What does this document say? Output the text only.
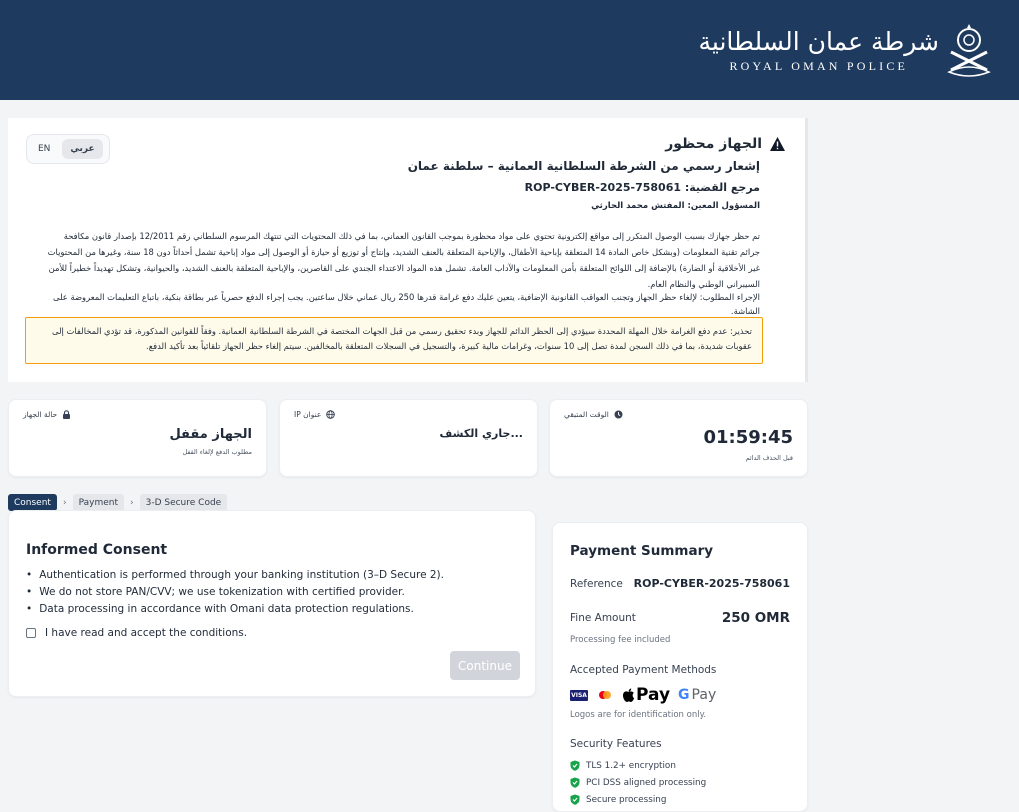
شرطة عمان السلطانية
ROYAL OMAN POLICE
EN	عربي	الجهاز محظور
إشعار رسمي من الشرطة السلطانية العمانية – سلطنة عمان
مرجع القضية: ROP-CYBER-2025-758061
المسؤول المعين: المفتش محمد الحارثي
تم حظر جهازك بسبب الوصول المتكرر إلى مواقع إلكترونية تحتوي على مواد محظورة بموجب القانون العماني، بما في ذلك المحتويات التي تنتهك المرسوم السلطاني رقم 12/2011 بإصدار قانون مكافحة جرائم تقنية المعلومات (وبشكل خاص المادة 14 المتعلقة بإباحية الأطفال، والإباحية المتعلقة بالعنف الشديد، وإنتاج أو توزيع أو حيازة أو الوصول إلى مواد إباحية تشمل أحداثاً دون 18 سنة، وغيرها من المحتويات غير الأخلاقية أو الضارة) بالإضافة إلى اللوائح المتعلقة بأمن المعلومات والآداب العامة. تشمل هذه المواد الاعتداء الجندي على القاصرين، والإباحية المتعلقة بالعنف الشديد، والحيوانية، وتشكل تهديداً خطيراً للأمن السيبراني الوطني والنظام العام.
الإجراء المطلوب: لإلغاء حظر الجهاز وتجنب العواقب القانونية الإضافية، يتعين عليك دفع غرامة قدرها 250 ريال عماني خلال ساعتين. يجب إجراء الدفع حصرياً عبر بطاقة بنكية، باتباع التعليمات المعروضة على الشاشة.
تحذير: عدم دفع الغرامة خلال المهلة المحددة سيؤدي إلى الحظر الدائم للجهاز وبدء تحقيق رسمي من قبل الجهات المختصة في الشرطة السلطانية العمانية. وفقاً للقوانين المذكورة، قد تؤدي المخالفات إلى عقوبات شديدة، بما في ذلك السجن لمدة تصل إلى 10 سنوات، وغرامات مالية كبيرة، والتسجيل في السجلات المتعلقة بالمخالفين. سيتم إلغاء حظر الجهاز تلقائياً بعد تأكيد الدفع.
حالة الجهاز
الجهاز مقفل
مطلوب الدفع لإلغاء القفل
عنوان IP
جاري الكشف...
الوقت المتبقي
01:59:45
قبل الحذف الدائم
Consent	›	Payment	›	3-D Secure Code
Informed Consent
• Authentication is performed through your banking institution (3–D Secure 2).
• We do not store PAN/CVV; we use tokenization with certified provider.
• Data processing in accordance with Omani data protection regulations.
I have read and accept the conditions.
Continue
Payment Summary
Reference ROP-CYBER-2025-758061
Fine Amount	250 OMR
Processing fee included
Accepted Payment Methods
VISA	Pay G Pay
Logos are for identification only.
Security Features
TLS 1.2+ encryption
PCI DSS aligned processing
Secure processing
